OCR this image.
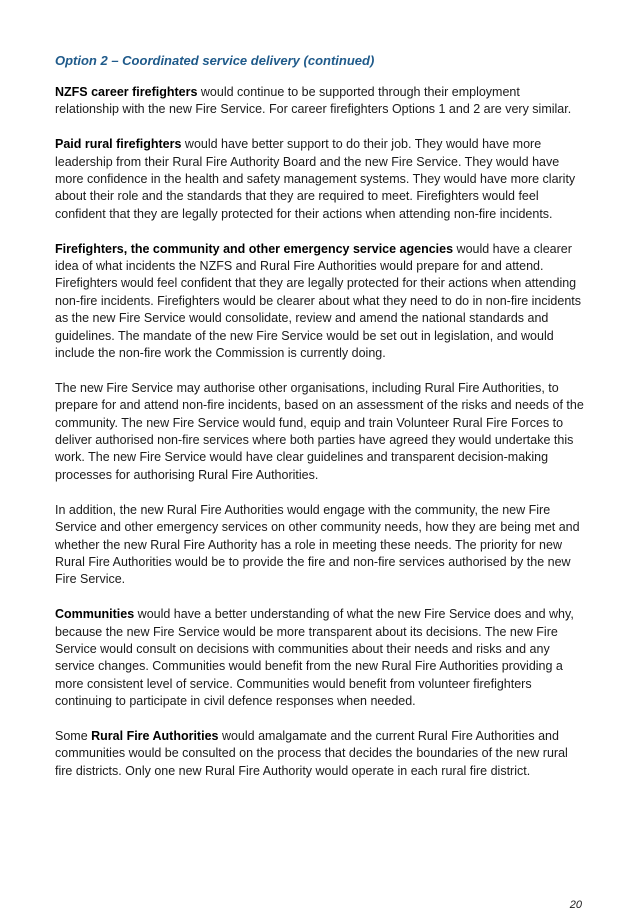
Option 2 – Coordinated service delivery (continued)

NZFS career firefighters would continue to be supported through their employment relationship with the new Fire Service. For career firefighters Options 1 and 2 are very similar.

Paid rural firefighters would have better support to do their job. They would have more leadership from their Rural Fire Authority Board and the new Fire Service. They would have more confidence in the health and safety management systems. They would have more clarity about their role and the standards that they are required to meet. Firefighters would feel confident that they are legally protected for their actions when attending non-fire incidents.

Firefighters, the community and other emergency service agencies would have a clearer idea of what incidents the NZFS and Rural Fire Authorities would prepare for and attend. Firefighters would feel confident that they are legally protected for their actions when attending non-fire incidents. Firefighters would be clearer about what they need to do in non-fire incidents as the new Fire Service would consolidate, review and amend the national standards and guidelines. The mandate of the new Fire Service would be set out in legislation, and would include the non-fire work the Commission is currently doing.

The new Fire Service may authorise other organisations, including Rural Fire Authorities, to prepare for and attend non-fire incidents, based on an assessment of the risks and needs of the community. The new Fire Service would fund, equip and train Volunteer Rural Fire Forces to deliver authorised non-fire services where both parties have agreed they would undertake this work. The new Fire Service would have clear guidelines and transparent decision-making processes for authorising Rural Fire Authorities.

In addition, the new Rural Fire Authorities would engage with the community, the new Fire Service and other emergency services on other community needs, how they are being met and whether the new Rural Fire Authority has a role in meeting these needs. The priority for new Rural Fire Authorities would be to provide the fire and non-fire services authorised by the new Fire Service.

Communities would have a better understanding of what the new Fire Service does and why, because the new Fire Service would be more transparent about its decisions. The new Fire Service would consult on decisions with communities about their needs and risks and any service changes. Communities would benefit from the new Rural Fire Authorities providing a more consistent level of service. Communities would benefit from volunteer firefighters continuing to participate in civil defence responses when needed.

Some Rural Fire Authorities would amalgamate and the current Rural Fire Authorities and communities would be consulted on the process that decides the boundaries of the new rural fire districts. Only one new Rural Fire Authority would operate in each rural fire district.

20
